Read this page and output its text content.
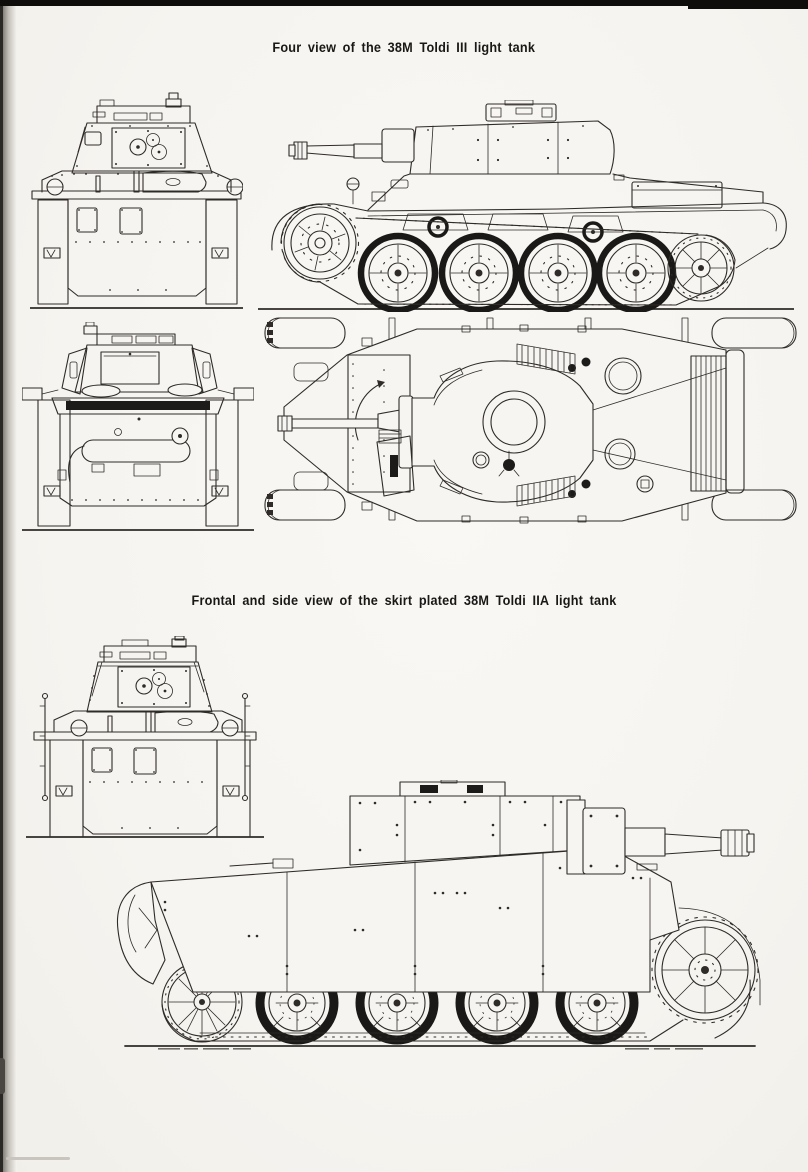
Four view of the 38M Toldi III light tank
Frontal and side view of the skirt plated 38M Toldi IIA light tank
